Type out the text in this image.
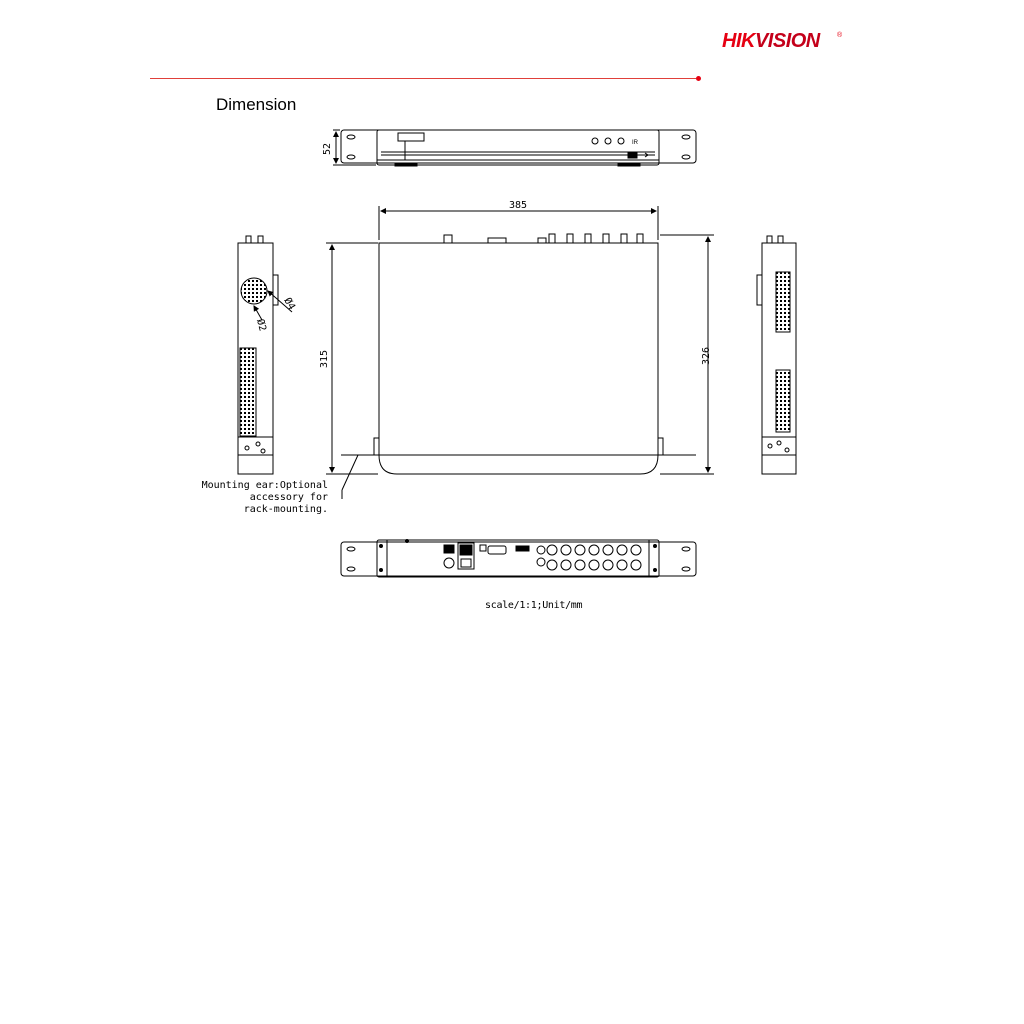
HIKVISION ®
Dimension
IR
52
385
315	326
Ø4
Ø2
Mounting ear:Optional
accessory for
rack-mounting.
scale/1:1;Unit/mm
